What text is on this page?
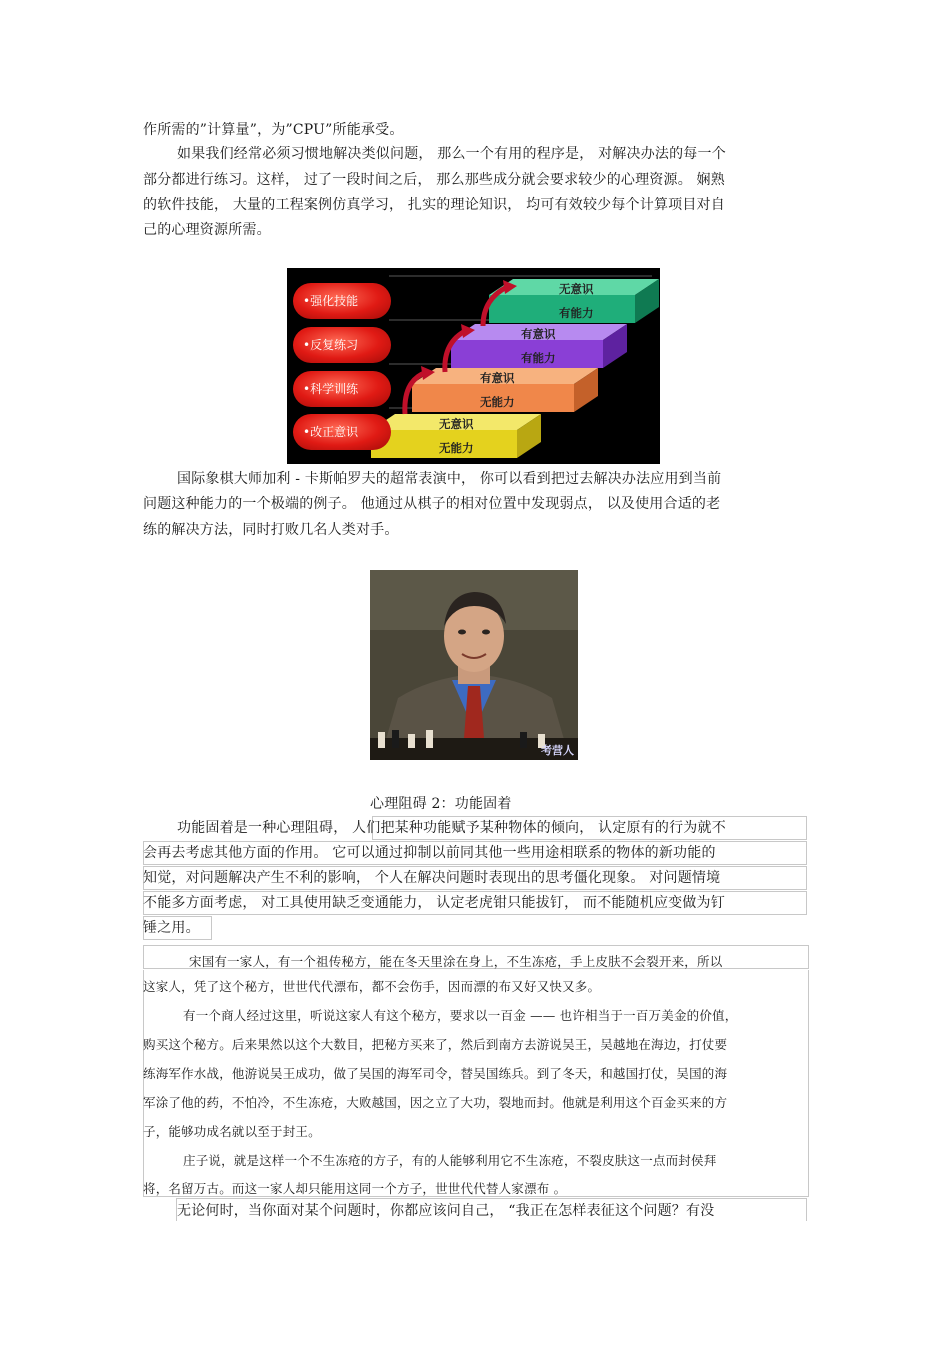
作所需的”计算量”，为”CPU”所能承受。
如果我们经常必须习惯地解决类似问题， 那么一个有用的程序是， 对解决办法的每一个
部分都进行练习。这样， 过了一段时间之后， 那么那些成分就会要求较少的心理资源。 娴熟
的软件技能， 大量的工程案例仿真学习， 扎实的理论知识， 均可有效较少每个计算项目对自
己的心理资源所需。
•强化技能
•反复练习
•科学训练
•改正意识
无意识
有能力
有意识
有能力
有意识
无能力
无意识
无能力
国际象棋大师加利 - 卡斯帕罗夫的超常表演中， 你可以看到把过去解决办法应用到当前
问题这种能力的一个极端的例子。 他通过从棋子的相对位置中发现弱点， 以及使用合适的老
练的解决方法，同时打败几名人类对手。
考营人
心理阻碍 2：功能固着
功能固着是一种心理阻碍， 人们把某种功能赋予某种物体的倾向， 认定原有的行为就不
会再去考虑其他方面的作用。 它可以通过抑制以前同其他一些用途相联系的物体的新功能的
知觉，对问题解决产生不利的影响， 个人在解决问题时表现出的思考僵化现象。 对问题情境
不能多方面考虑， 对工具使用缺乏变通能力， 认定老虎钳只能拔钉， 而不能随机应变做为钉
锤之用。
宋国有一家人，有一个祖传秘方，能在冬天里涂在身上，不生冻疮，手上皮肤不会裂开来，所以
这家人，凭了这个秘方，世世代代漂布，都不会伤手，因而漂的布又好又快又多。
有一个商人经过这里，听说这家人有这个秘方，要求以一百金 —— 也许相当于一百万美金的价值，
购买这个秘方。后来果然以这个大数目，把秘方买来了，然后到南方去游说吴王，吴越地在海边，打仗要
练海军作水战，他游说吴王成功，做了吴国的海军司令，替吴国练兵。到了冬天，和越国打仗，吴国的海
军涂了他的药，不怕冷，不生冻疮，大败越国，因之立了大功，裂地而封。他就是利用这个百金买来的方
子，能够功成名就以至于封王。
庄子说，就是这样一个不生冻疮的方子，有的人能够利用它不生冻疮，不裂皮肤这一点而封侯拜
将，名留万古。而这一家人却只能用这同一个方子，世世代代替人家漂布 。
无论何时，当你面对某个问题时，你都应该问自己， “我正在怎样表征这个问题？有没
